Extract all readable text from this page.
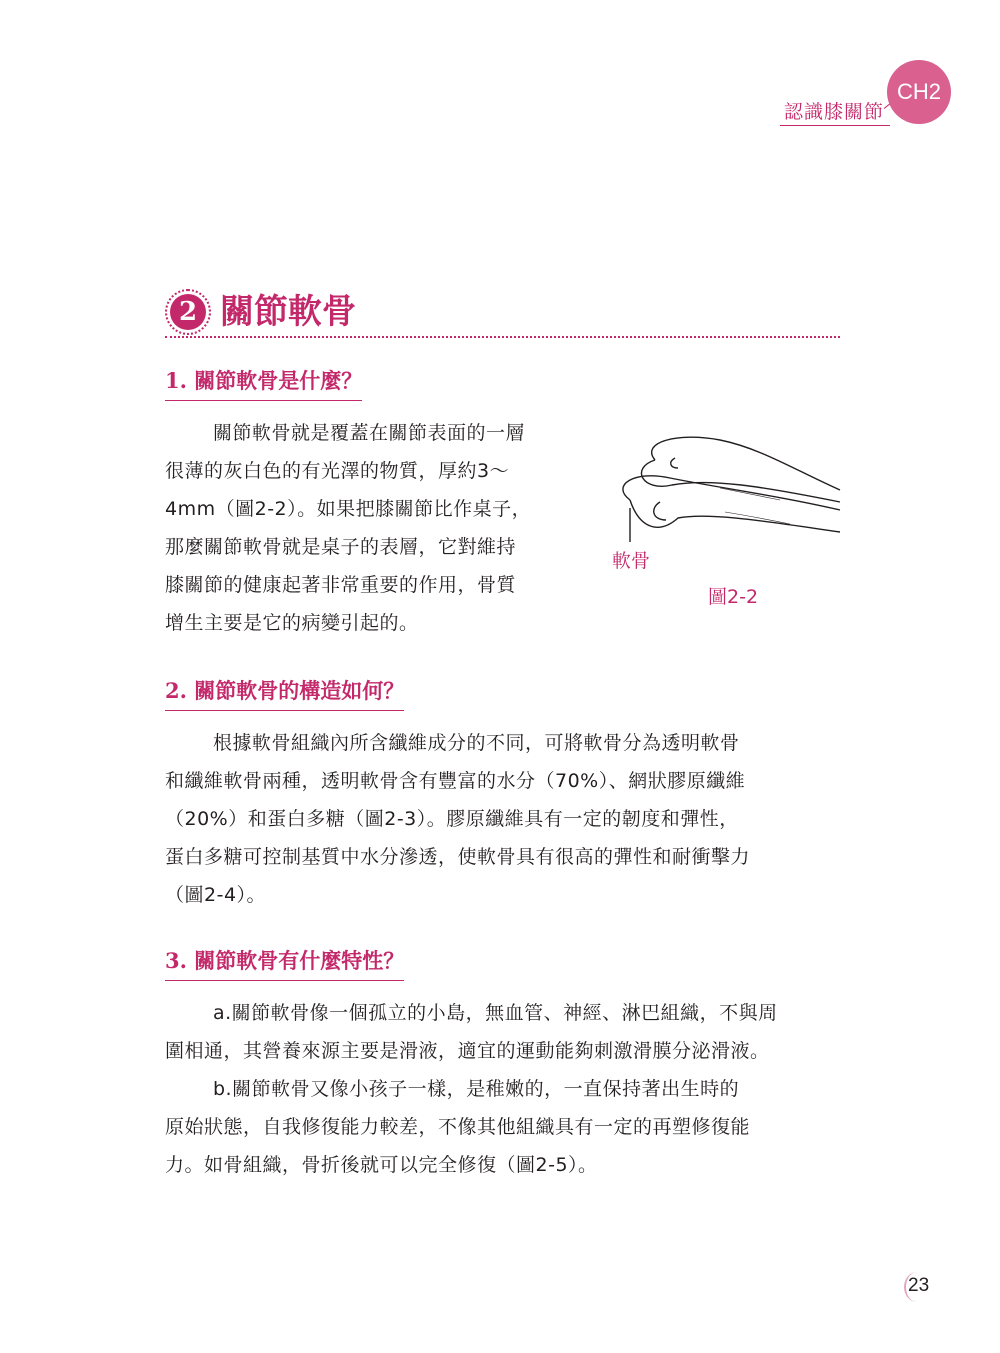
認識膝關節
CH2
2 關節軟骨
1. 關節軟骨是什麼？
關節軟骨就是覆蓋在關節表面的一層
很薄的灰白色的有光澤的物質，厚約3～
4mm（圖2-2）。如果把膝關節比作桌子，
那麼關節軟骨就是桌子的表層，它對維持
膝關節的健康起著非常重要的作用，骨質
增生主要是它的病變引起的。
軟骨
圖2-2
2. 關節軟骨的構造如何？
根據軟骨組織內所含纖維成分的不同，可將軟骨分為透明軟骨
和纖維軟骨兩種，透明軟骨含有豐富的水分（70%）、網狀膠原纖維
（20%）和蛋白多糖（圖2-3）。膠原纖維具有一定的韌度和彈性，
蛋白多糖可控制基質中水分滲透，使軟骨具有很高的彈性和耐衝擊力
（圖2-4）。
3. 關節軟骨有什麼特性？
a.關節軟骨像一個孤立的小島，無血管、神經、淋巴組織，不與周
圍相通，其營養來源主要是滑液，適宜的運動能夠刺激滑膜分泌滑液。
b.關節軟骨又像小孩子一樣，是稚嫩的，一直保持著出生時的
原始狀態，自我修復能力較差，不像其他組織具有一定的再塑修復能
力。如骨組織，骨折後就可以完全修復（圖2-5）。
23
